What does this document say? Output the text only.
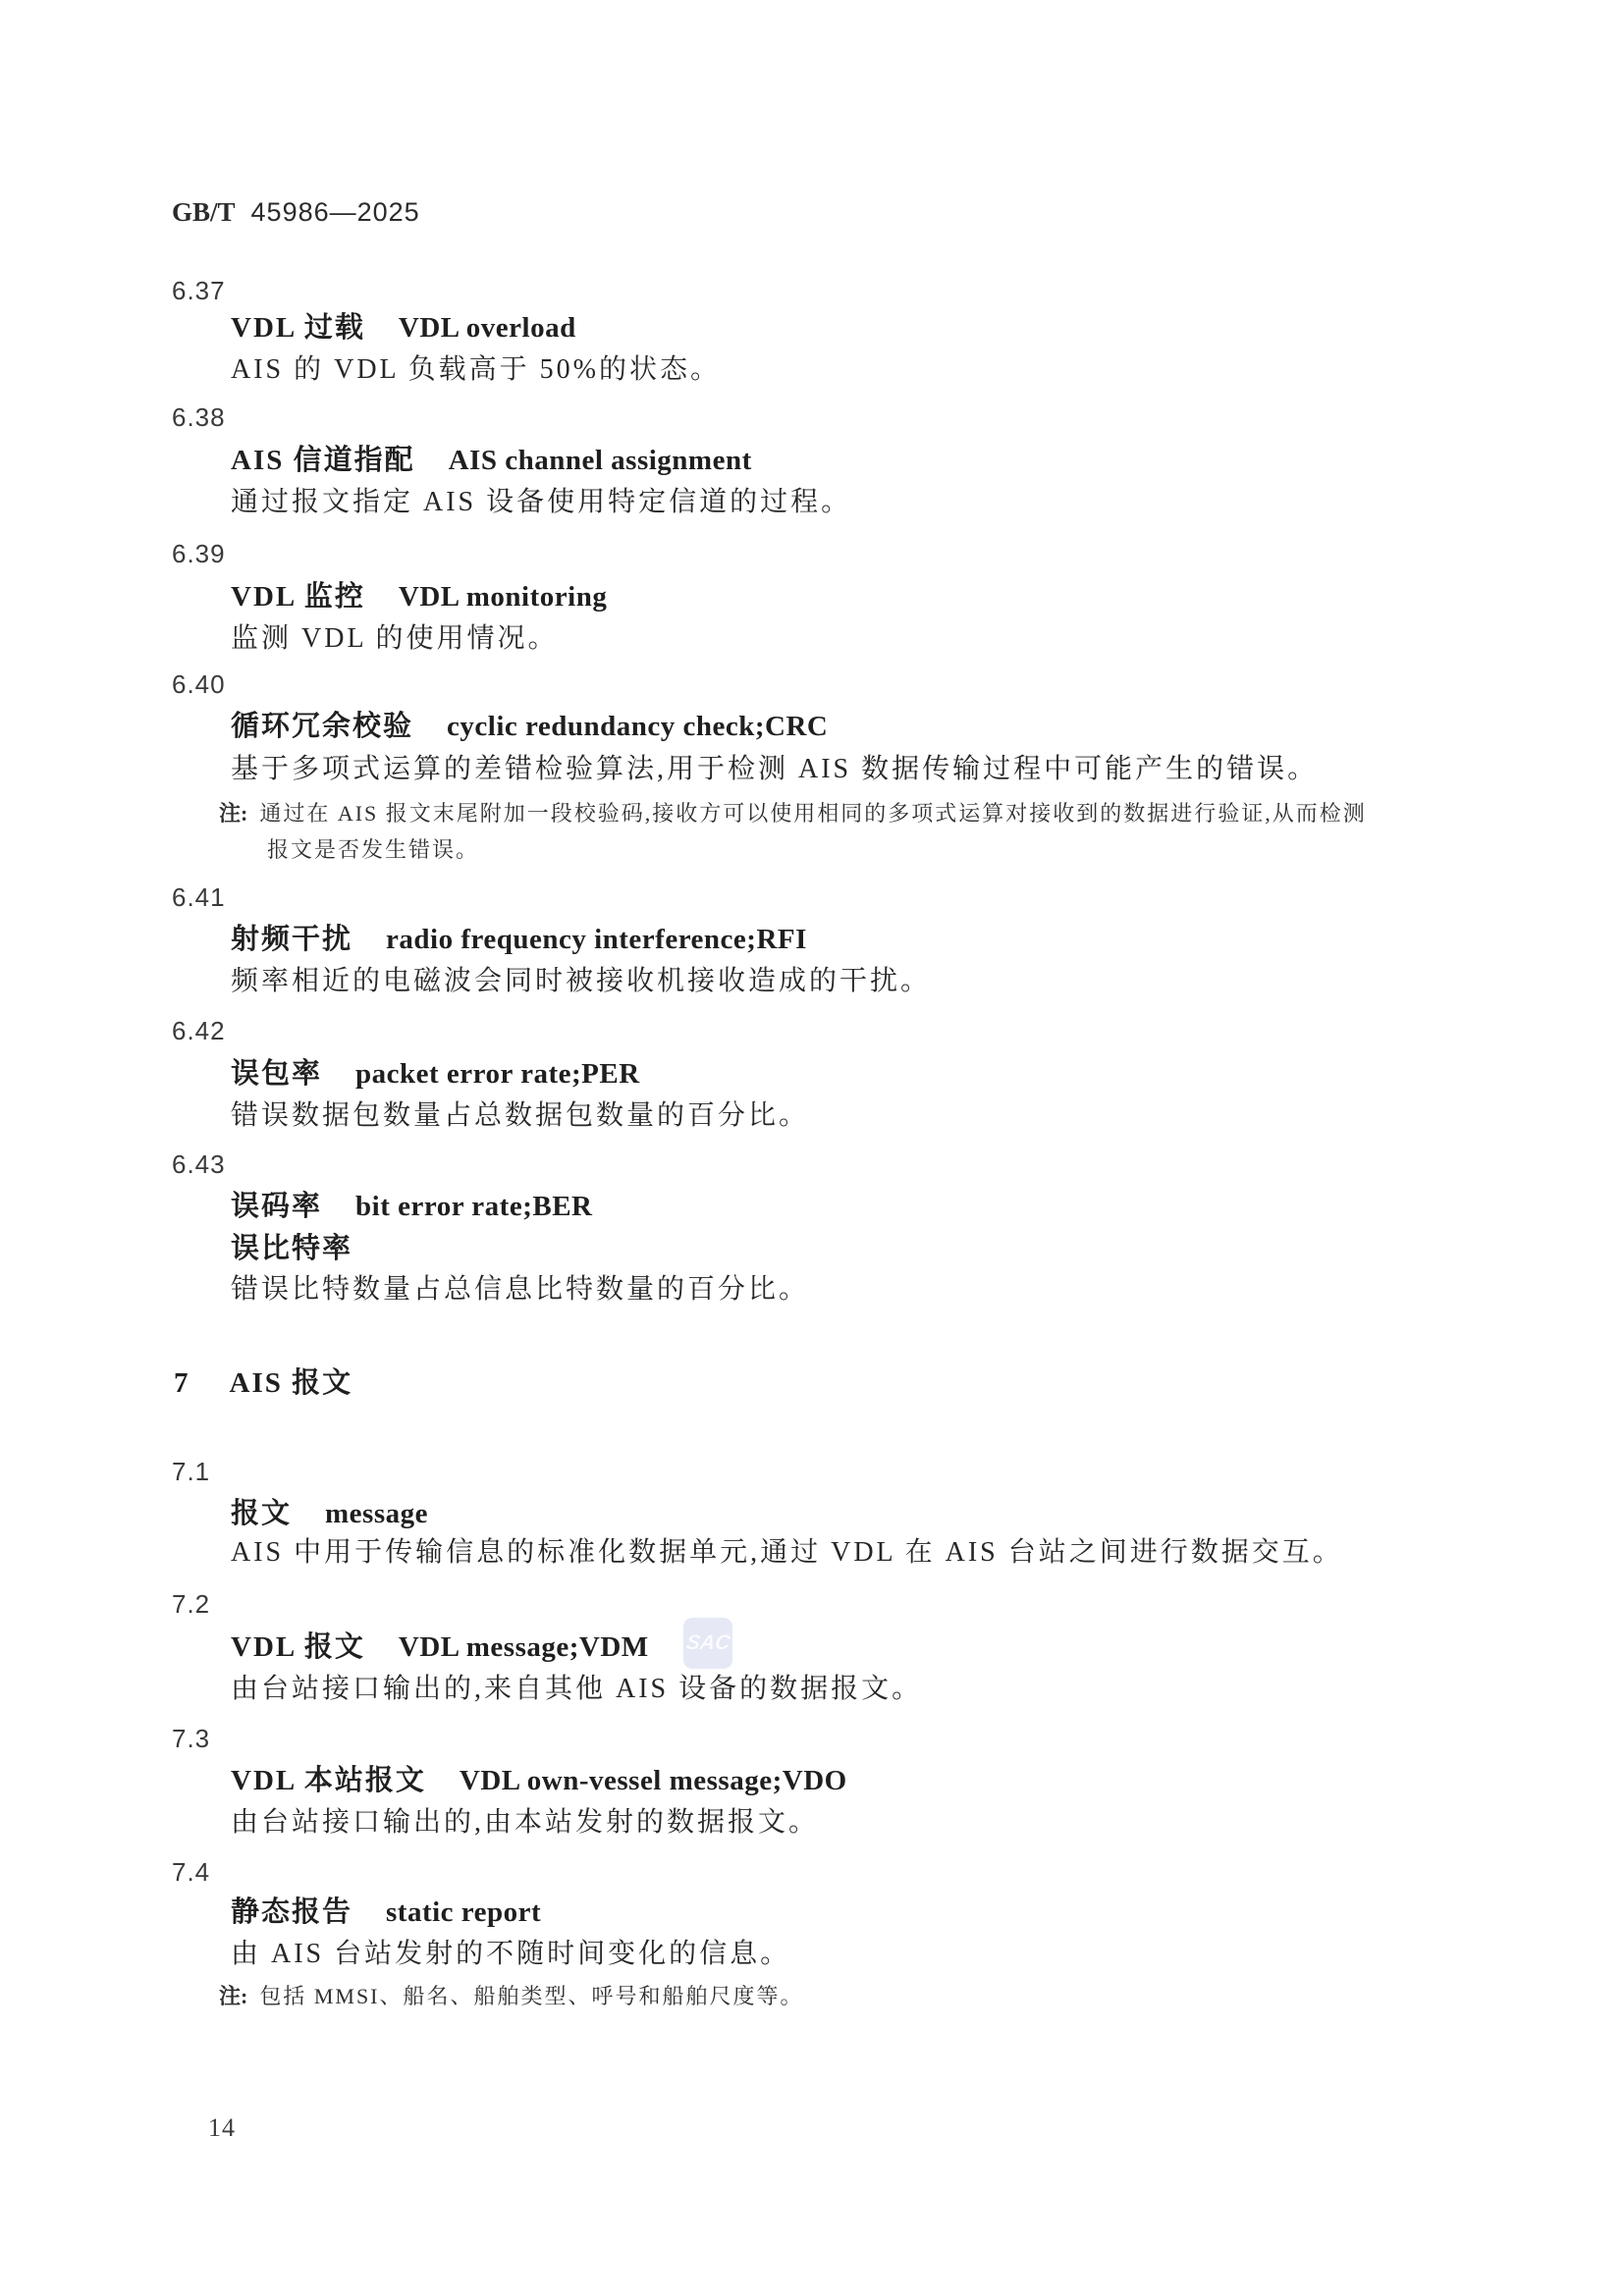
GB/T 45986—2025
6.37
VDL 过载 VDL overload
AIS 的 VDL 负载高于 50%的状态。
6.38
AIS 信道指配 AIS channel assignment
通过报文指定 AIS 设备使用特定信道的过程。
6.39
VDL 监控 VDL monitoring
监测 VDL 的使用情况。
6.40
循环冗余校验 cyclic redundancy check;CRC
基于多项式运算的差错检验算法,用于检测 AIS 数据传输过程中可能产生的错误。
注: 通过在 AIS 报文末尾附加一段校验码,接收方可以使用相同的多项式运算对接收到的数据进行验证,从而检测
报文是否发生错误。
6.41
射频干扰 radio frequency interference;RFI
频率相近的电磁波会同时被接收机接收造成的干扰。
6.42
误包率 packet error rate;PER
错误数据包数量占总数据包数量的百分比。
6.43
误码率 bit error rate;BER
误比特率
错误比特数量占总信息比特数量的百分比。
7 AIS 报文
7.1
报文 message
AIS 中用于传输信息的标准化数据单元,通过 VDL 在 AIS 台站之间进行数据交互。
7.2
VDL 报文 VDL message;VDM
由台站接口输出的,来自其他 AIS 设备的数据报文。
SAC
7.3
VDL 本站报文 VDL own-vessel message;VDO
由台站接口输出的,由本站发射的数据报文。
7.4
静态报告 static report
由 AIS 台站发射的不随时间变化的信息。
注: 包括 MMSI、船名、船舶类型、呼号和船舶尺度等。
14
